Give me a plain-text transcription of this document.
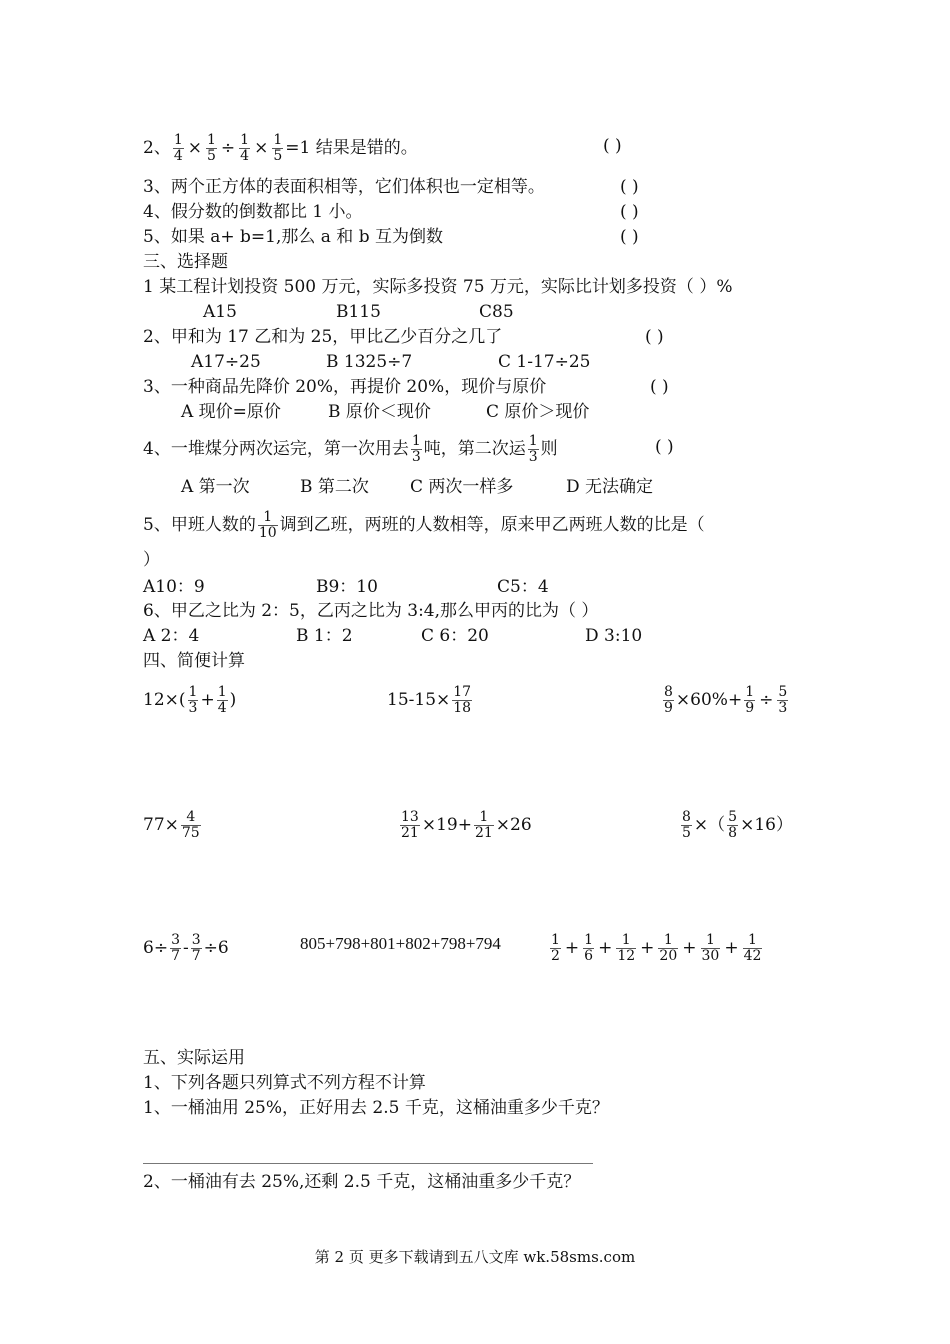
2、 $\frac{1}{4} \times \frac{1}{5} \div \frac{1}{4} \times \frac{1}{5} =1$ 结果是错的。	( )
3、两个正方体的表面积相等，它们体积也一定相等。	( )
4、假分数的倒数都比 1 小。	( )
5、如果 a+ b=1,那么 a 和 b 互为倒数	( )
三、选择题
1 某工程计划投资 500 万元，实际多投资 75 万元，实际比计划多投资（ ）%
A15	B115	C85
2、甲和为 17 乙和为 25，甲比乙少百分之几了	( )
A17÷25	B 1325÷7	C 1-17÷25
3、一种商品先降价 20%，再提价 20%，现价与原价	( )
A 现价=原价	B 原价＜现价	C 原价＞现价
4、一堆煤分两次运完，第一次用去 $\frac{1}{3}$ 吨，第二次运 $\frac{1}{3}$ 则	( )
A 第一次	B 第二次 C 两次一样多	D 无法确定
5、甲班人数的 $\frac{1}{10}$ 调到乙班，两班的人数相等，原来甲乙两班人数的比是（
）
A10：9	B9：10	C5：4
6、甲乙之比为 2：5，乙丙之比为 3:4,那么甲丙的比为（ ）
A 2：4	B 1：2	C 6：20	D 3:10
四、简便计算
$12\times( \frac{1}{3} + \frac{1}{4}$ )	$15-15\times \frac{17}{18}$	$\frac{8}{9} \times 60\%+ \frac{1}{9} \div \frac{5}{3}$
$77\times \frac{4}{75}$	$\frac{13}{21} \times 19+ \frac{1}{21} \times 26$	$\frac{8}{5}$ ×（ $\frac{5}{8} \times 16$）
$6\div \frac{3}{7} - \frac{3}{7} \div 6$	805+798+801+802+798+794	$\frac{1}{2} + \frac{1}{6} + \frac{1}{12} + \frac{1}{20} + \frac{1}{30} + \frac{1}{42}$
五、实际运用
1、下列各题只列算式不列方程不计算
1、一桶油用 25%，正好用去 2.5 千克，这桶油重多少千克？
2、一桶油有去 25%,还剩 2.5 千克，这桶油重多少千克？
第 2 页 更多下载请到五八文库 wk.58sms.com
